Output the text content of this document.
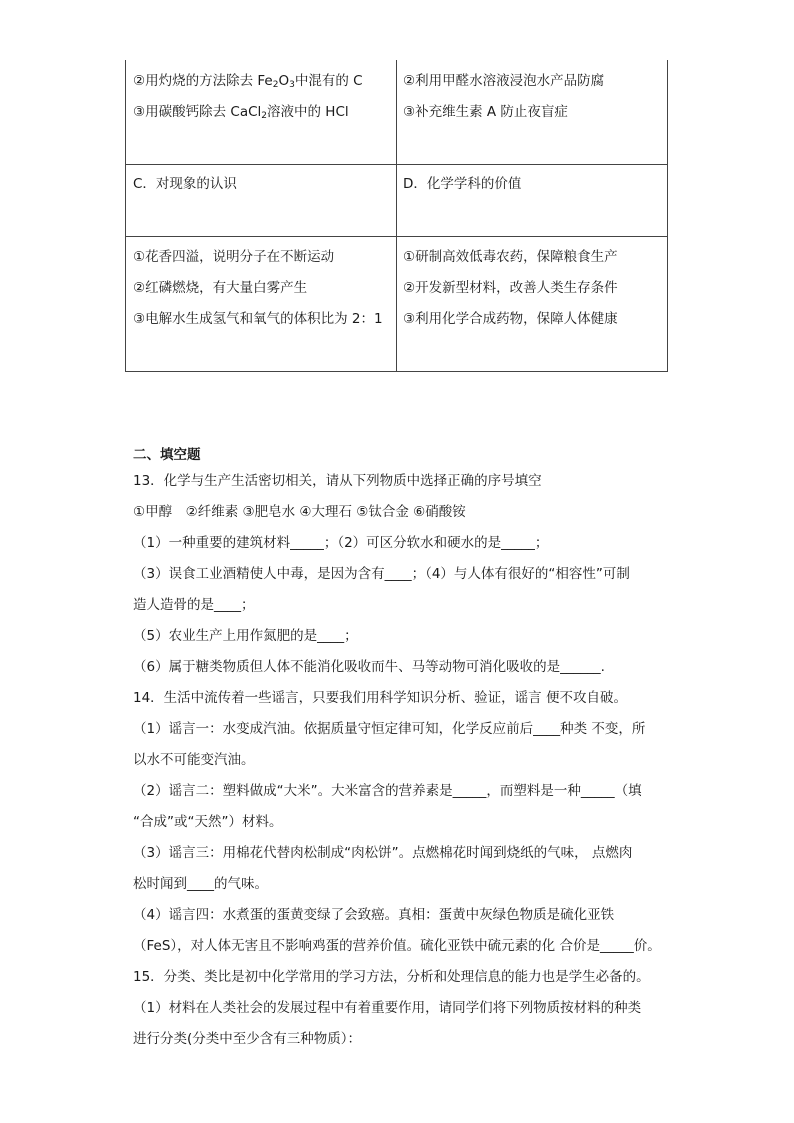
②用灼烧的方法除去 $Fe_2O_3$中混有的 C
③用碳酸钙除去 CaCl$_2$溶液中的 HCl
②利用甲醛水溶液浸泡水产品防腐
③补充维生素 A 防止夜盲症
C．对现象的认识	D．化学学科的价值
①花香四溢，说明分子在不断运动
②红磷燃烧，有大量白雾产生
③电解水生成氢气和氧气的体积比为 2：1
①研制高效低毒农药，保障粮食生产
②开发新型材料，改善人类生存条件
③利用化学合成药物，保障人体健康
二、填空题
13．化学与生产生活密切相关，请从下列物质中选择正确的序号填空
①甲醇　②纤维素 ③肥皂水 ④大理石 ⑤钛合金 ⑥硝酸铵
（1）一种重要的建筑材料_____；（2）可区分软水和硬水的是_____；
（3）误食工业酒精使人中毒，是因为含有____；（4）与人体有很好的“相容性”可制
造人造骨的是____；
（5）农业生产上用作氮肥的是____；
（6）属于糖类物质但人体不能消化吸收而牛、马等动物可消化吸收的是______.
14．生活中流传着一些谣言，只要我们用科学知识分析、验证，谣言 便不攻自破。
（1）谣言一：水变成汽油。依据质量守恒定律可知，化学反应前后____种类 不变，所
以水不可能变汽油。
（2）谣言二：塑料做成“大米”。大米富含的营养素是_____，而塑料是一种_____（填
“合成”或“天然”）材料。
（3）谣言三：用棉花代替肉松制成“肉松饼”。点燃棉花时闻到烧纸的气味， 点燃肉
松时闻到____的气味。
（4）谣言四：水煮蛋的蛋黄变绿了会致癌。真相：蛋黄中灰绿色物质是硫化亚铁
（FeS），对人体无害且不影响鸡蛋的营养价值。硫化亚铁中硫元素的化 合价是_____价。
15．分类、类比是初中化学常用的学习方法，分析和处理信息的能力也是学生必备的。
（1）材料在人类社会的发展过程中有着重要作用，请同学们将下列物质按材料的种类
进行分类(分类中至少含有三种物质）：
